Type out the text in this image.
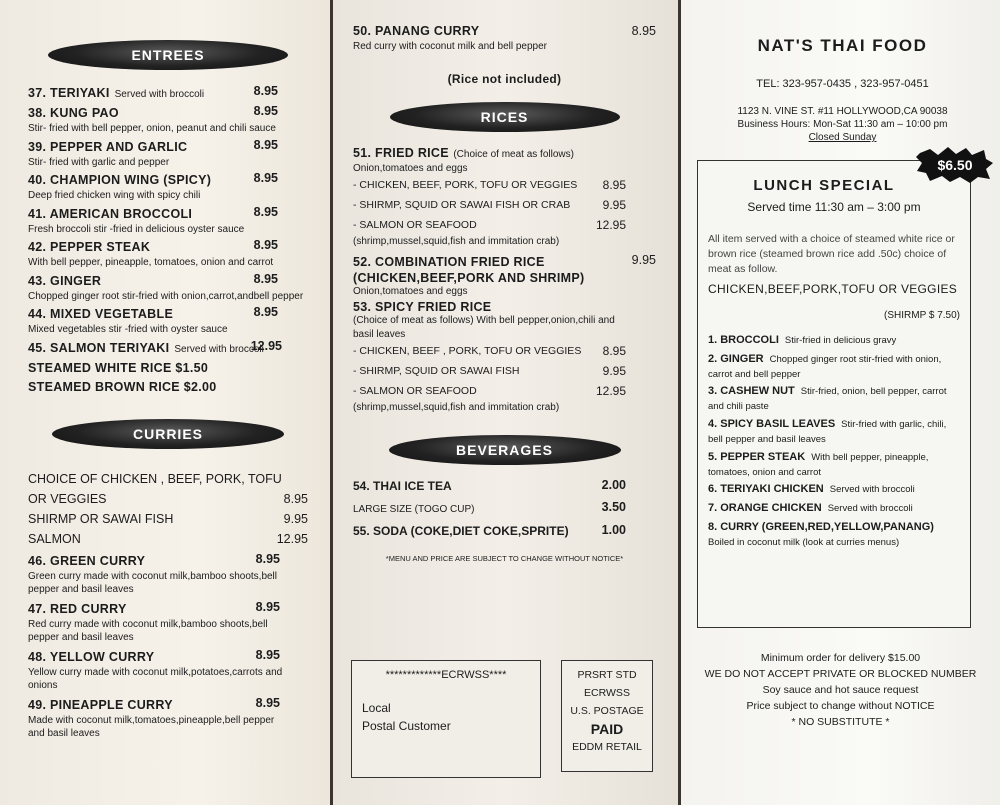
ENTREES
37. TERIYAKI Served with broccoli	8.95
38. KUNG PAO	8.95
Stir- fried with bell pepper, onion, peanut and chili sauce
39. PEPPER AND GARLIC	8.95
Stir- fried with garlic and pepper
40. CHAMPION WING (SPICY)	8.95
Deep fried chicken wing with spicy chili
41. AMERICAN BROCCOLI	8.95
Fresh broccoli stir -fried in delicious oyster sauce
42. PEPPER STEAK	8.95
With bell pepper, pineapple, tomatoes, onion and carrot
43. GINGER	8.95
Chopped ginger root stir-fried with onion,carrot,andbell pepper
44. MIXED VEGETABLE	8.95
Mixed vegetables stir -fried with oyster sauce
45. SALMON TERIYAKI Served with broccoli
12.95
STEAMED WHITE RICE $1.50
STEAMED BROWN RICE $2.00
CURRIES
CHOICE OF CHICKEN , BEEF, PORK, TOFU
OR VEGGIES	8.95
SHIRMP OR SAWAI FISH	9.95
SALMON	12.95
46. GREEN CURRY	8.95
Green curry made with coconut milk,bamboo shoots,bell pepper and basil leaves
47. RED CURRY	8.95
Red curry made with coconut milk,bamboo shoots,bell pepper and basil leaves
48. YELLOW CURRY	8.95
Yellow curry made with coconut milk,potatoes,carrots and onions
49. PINEAPPLE CURRY	8.95
Made with coconut milk,tomatoes,pineapple,bell pepper and basil leaves
50. PANANG CURRY	8.95
Red curry with coconut milk and bell pepper
(Rice not included)
RICES
51. FRIED RICE (Choice of meat as follows)
Onion,tomatoes and eggs
- CHICKEN, BEEF, PORK, TOFU OR VEGGIES 8.95
- SHIRMP, SQUID OR SAWAI FISH OR CRAB	9.95
- SALMON OR SEAFOOD	12.95
(shrimp,mussel,squid,fish and immitation crab)
52. COMBINATION FRIED RICE	9.95
(CHICKEN,BEEF,PORK AND SHRIMP)
Onion,tomatoes and eggs
53. SPICY FRIED RICE
(Choice of meat as follows) With bell pepper,onion,chili and basil leaves
- CHICKEN, BEEF , PORK, TOFU OR VEGGIES 8.95
- SHIRMP, SQUID OR SAWAI FISH	9.95
- SALMON OR SEAFOOD	12.95
(shrimp,mussel,squid,fish and immitation crab)
BEVERAGES
54. THAI ICE TEA	2.00
LARGE SIZE (TOGO CUP)	3.50
55. SODA (COKE,DIET COKE,SPRITE)	1.00
*MENU AND PRICE ARE SUBJECT TO CHANGE WITHOUT NOTICE*
*************ECRWSS****
Local
Postal Customer
PRSRT STD
ECRWSS
U.S. POSTAGE
PAID
EDDM RETAIL
NAT'S THAI FOOD
TEL: 323-957-0435 , 323-957-0451
1123 N. VINE ST. #11 HOLLYWOOD,CA 90038
Business Hours: Mon-Sat 11:30 am – 10:00 pm
Closed Sunday
$6.50
LUNCH SPECIAL
Served time 11:30 am – 3:00 pm
All item served with a choice of steamed white rice or brown rice (steamed brown rice add .50c) choice of meat as follow.
CHICKEN,BEEF,PORK,TOFU OR VEGGIES
(SHIRMP $ 7.50)
1. BROCCOLI Stir-fried in delicious gravy
2. GINGER Chopped ginger root stir-fried with onion, carrot and bell pepper
3. CASHEW NUT Stir-fried, onion, bell pepper, carrot and chili paste
4. SPICY BASIL LEAVES Stir-fried with garlic, chili, bell pepper and basil leaves
5. PEPPER STEAK With bell pepper, pineapple, tomatoes, onion and carrot
6. TERIYAKI CHICKEN Served with broccoli
7. ORANGE CHICKEN Served with broccoli
8. CURRY (GREEN,RED,YELLOW,PANANG)
Boiled in coconut milk (look at curries menus)
Minimum order for delivery $15.00
WE DO NOT ACCEPT PRIVATE OR BLOCKED NUMBER
Soy sauce and hot sauce request
Price subject to change without NOTICE
* NO SUBSTITUTE *
